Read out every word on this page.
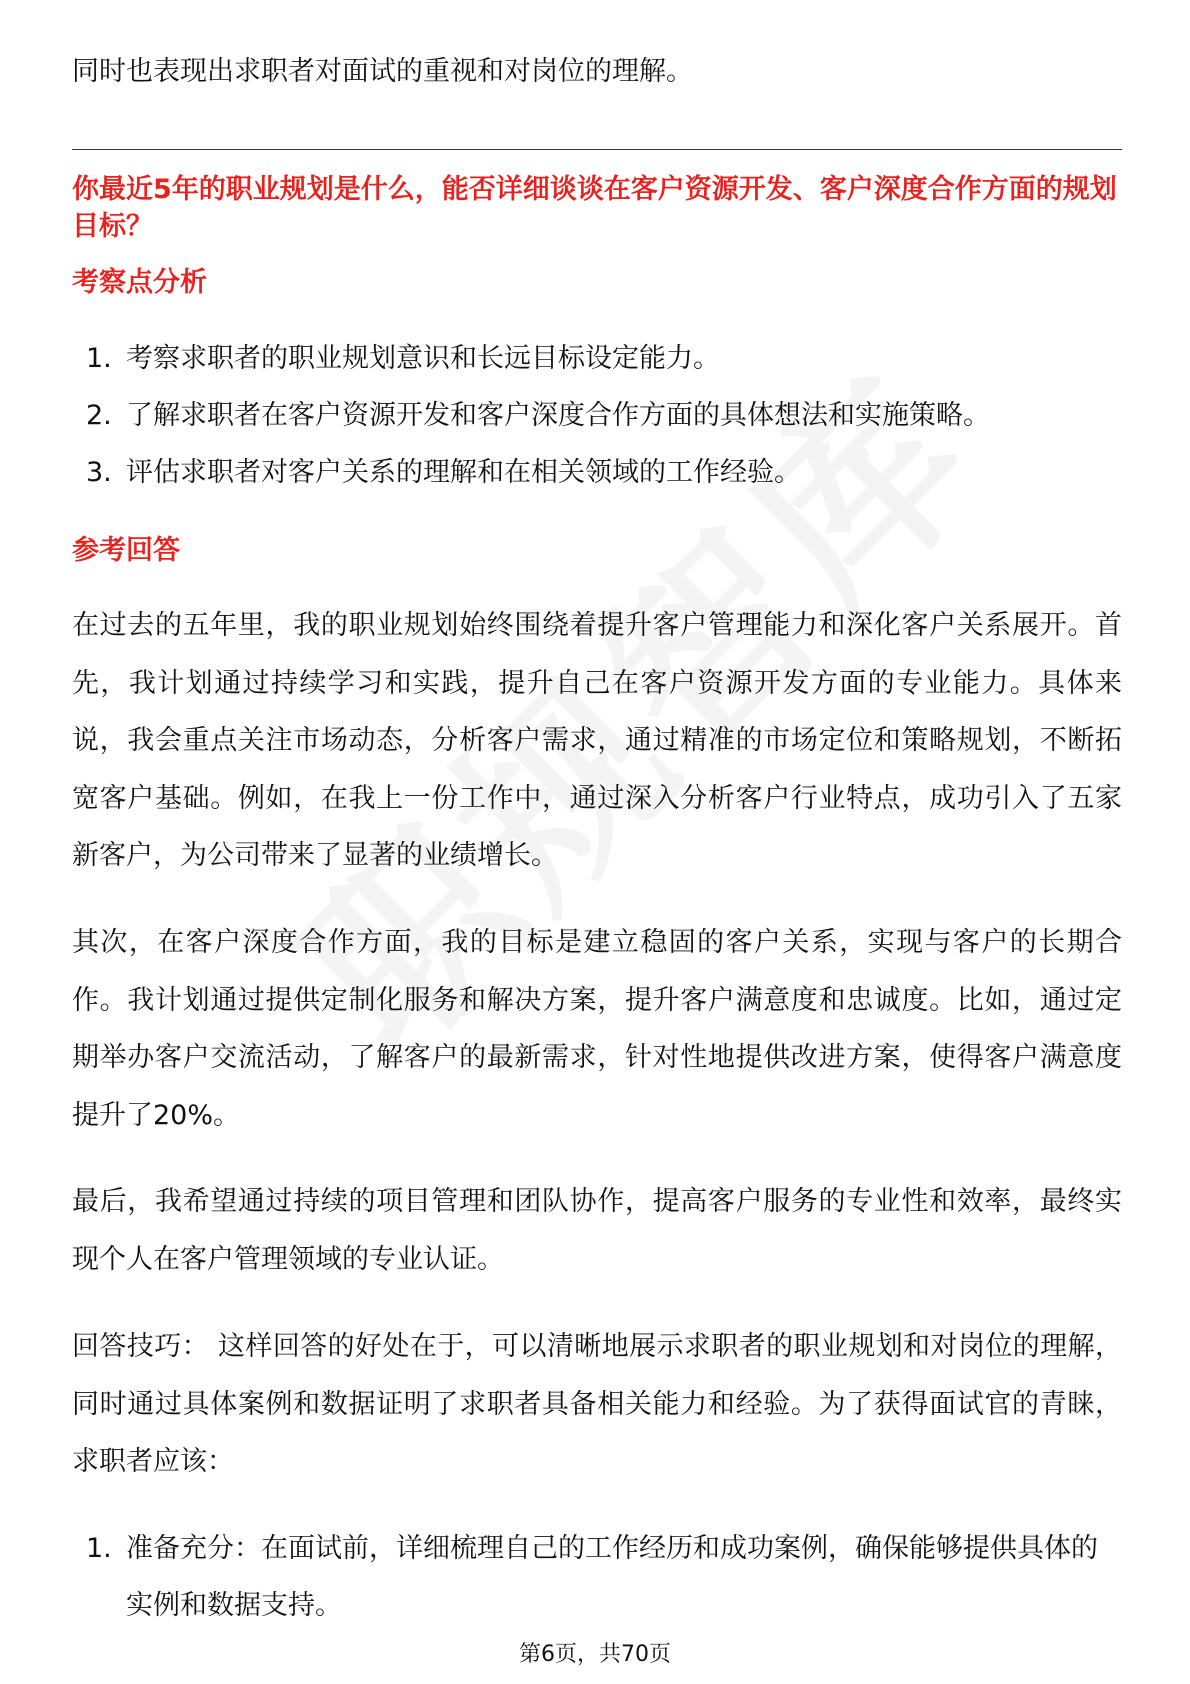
同时也表现出求职者对面试的重视和对岗位的理解。
你最近5年的职业规划是什么，能否详细谈谈在客户资源开发、客户深度合作方面的规划目标？
考察点分析
1. 考察求职者的职业规划意识和长远目标设定能力。
2. 了解求职者在客户资源开发和客户深度合作方面的具体想法和实施策略。
3. 评估求职者对客户关系的理解和在相关领域的工作经验。
参考回答
在过去的五年里，我的职业规划始终围绕着提升客户管理能力和深化客户关系展开。首先，我计划通过持续学习和实践，提升自己在客户资源开发方面的专业能力。具体来说，我会重点关注市场动态，分析客户需求，通过精准的市场定位和策略规划，不断拓宽客户基础。例如，在我上一份工作中，通过深入分析客户行业特点，成功引入了五家新客户，为公司带来了显著的业绩增长。
其次，在客户深度合作方面，我的目标是建立稳固的客户关系，实现与客户的长期合作。我计划通过提供定制化服务和解决方案，提升客户满意度和忠诚度。比如，通过定期举办客户交流活动，了解客户的最新需求，针对性地提供改进方案，使得客户满意度提升了20%。
最后，我希望通过持续的项目管理和团队协作，提高客户服务的专业性和效率，最终实现个人在客户管理领域的专业认证。
回答技巧： 这样回答的好处在于，可以清晰地展示求职者的职业规划和对岗位的理解，同时通过具体案例和数据证明了求职者具备相关能力和经验。为了获得面试官的青睐，求职者应该：
1. 准备充分：在面试前，详细梳理自己的工作经历和成功案例，确保能够提供具体的实例和数据支持。
第6页，共70页
